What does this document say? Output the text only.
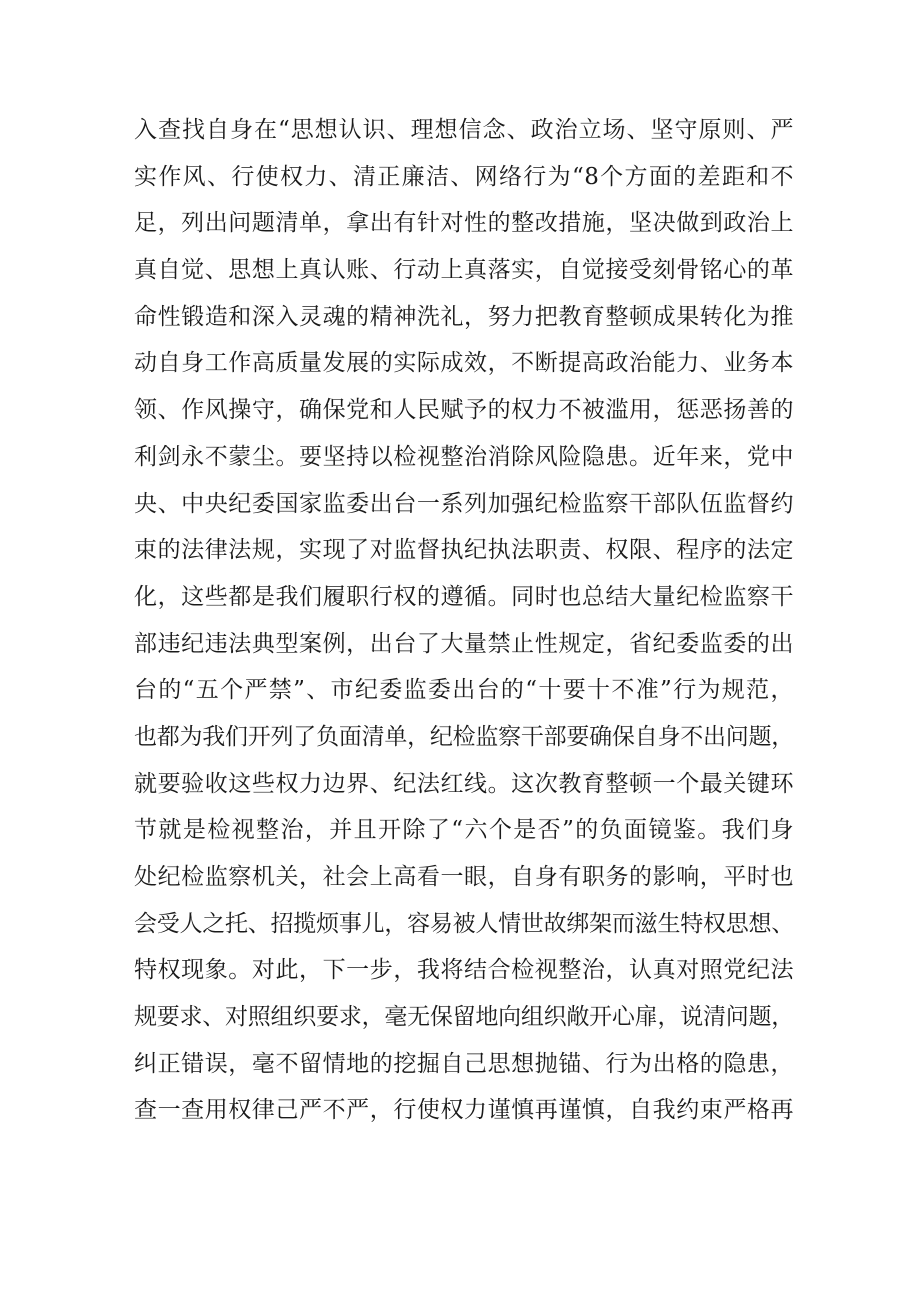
入查找自身在“思想认识、理想信念、政治立场、坚守原则、严
实作风、行使权力、清正廉洁、网络行为“8个方面的差距和不
足，列出问题清单，拿出有针对性的整改措施，坚决做到政治上
真自觉、思想上真认账、行动上真落实，自觉接受刻骨铭心的革
命性锻造和深入灵魂的精神洗礼，努力把教育整顿成果转化为推
动自身工作高质量发展的实际成效，不断提高政治能力、业务本
领、作风操守，确保党和人民赋予的权力不被滥用，惩恶扬善的
利剑永不蒙尘。要坚持以检视整治消除风险隐患。近年来，党中
央、中央纪委国家监委出台一系列加强纪检监察干部队伍监督约
束的法律法规，实现了对监督执纪执法职责、权限、程序的法定
化，这些都是我们履职行权的遵循。同时也总结大量纪检监察干
部违纪违法典型案例，出台了大量禁止性规定，省纪委监委的出
台的“五个严禁”、市纪委监委出台的“十要十不准”行为规范，
也都为我们开列了负面清单，纪检监察干部要确保自身不出问题，
就要验收这些权力边界、纪法红线。这次教育整顿一个最关键环
节就是检视整治，并且开除了“六个是否”的负面镜鉴。我们身
处纪检监察机关，社会上高看一眼，自身有职务的影响，平时也
会受人之托、招揽烦事儿，容易被人情世故绑架而滋生特权思想、
特权现象。对此，下一步，我将结合检视整治，认真对照党纪法
规要求、对照组织要求，毫无保留地向组织敞开心扉，说清问题，
纠正错误，毫不留情地的挖掘自己思想抛锚、行为出格的隐患，
查一查用权律己严不严，行使权力谨慎再谨慎，自我约束严格再
